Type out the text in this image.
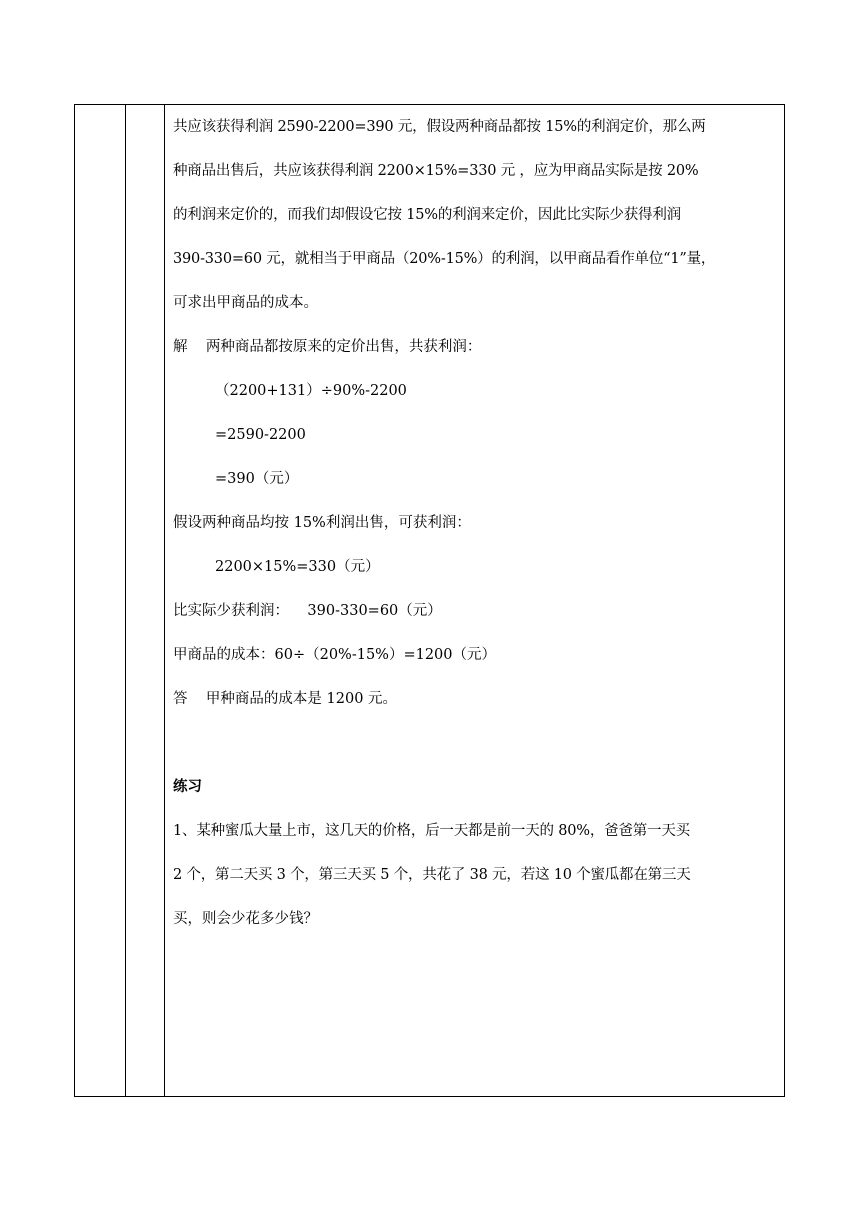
共应该获得利润 2590-2200=390 元，假设两种商品都按 15%的利润定价，那么两

种商品出售后，共应该获得利润 2200×15%=330 元 ，应为甲商品实际是按 20%

的利润来定价的，而我们却假设它按 15%的利润来定价，因此比实际少获得利润

390-330=60 元，就相当于甲商品（20%-15%）的利润，以甲商品看作单位“1”量，

可求出甲商品的成本。

解    两种商品都按原来的定价出售，共获利润：

（2200+131）÷90%-2200

=2590-2200

=390（元）

假设两种商品均按 15%利润出售，可获利润：

2200×15%=330（元）

比实际少获利润：    390-330=60（元）

甲商品的成本：60÷（20%-15%）=1200（元）

答    甲种商品的成本是 1200 元。

练习

1、某种蜜瓜大量上市，这几天的价格，后一天都是前一天的 80%，爸爸第一天买

2 个，第二天买 3 个，第三天买 5 个，共花了 38 元，若这 10 个蜜瓜都在第三天

买，则会少花多少钱？
